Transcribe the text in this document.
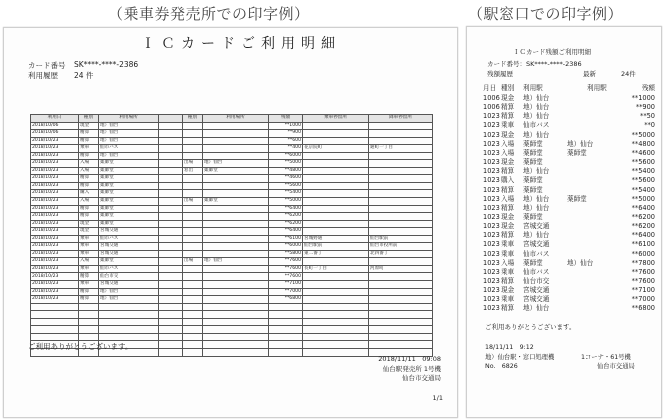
（乗車券発売所での印字例）	（駅窓口での印字例）
ＩＣカードご利用明細
カード番号 SK****-****-2386
利用履歴 24 件
利用日	種別	利用場所		種別	利用場所	残額	乗車停留所	降車停留所
2018/10/06	現金	地）仙台				**1000		
2018/10/06	精算	地）仙台				**900		
2018/10/23	精算	地）仙台				**600		
2018/10/23	乗車	仙市バス				**400	花京院町	通町一丁目
2018/10/23	精算	地）仙台				**6000		
2018/10/23	入場	薬師堂		出場	地）仙台	**5000		
2018/10/23	入場	薬師堂		窓出	薬師堂	**4800		
2018/10/23	精算	薬師堂				**4600		
2018/10/23	精算	薬師堂				**5600		
2018/10/23	購入	薬師堂				**5400		
2018/10/23	入場	薬師堂		出場	薬師堂	**5000		
2018/10/23	精算	薬師堂				**6400		
2018/10/23	精算	薬師堂				**6200		
2018/10/23	現金	薬師堂				**6200		
2018/10/23	現金	宮城交通				**6400		
2018/10/23	乗車	仙市バス				**6100	宮城野通	仙台駅前
2018/10/23	乗車	宮城交通				**6000	仙台駅前	仙台市役所前
2018/10/23	乗車	宮城交通				**5800	東二番丁	北四番丁
2018/10/23	入場	薬師堂		出場	地）仙台	**7600		
2018/10/23	乗車	仙市バス				**7600	長町一丁目	河原町
2018/10/23	精算	仙台市交				**7600		
2018/10/23	乗車	宮城交通				**7100		
2018/10/23	精算	地）仙台				**7000		
2018/10/23	精算	地）仙台				**6800		

ご利用ありがとうございます。
2018/11/11　09:08
仙台駅発売所 1号機
仙台市交通局
1/1
ＩＣカード残額ご利用明細
カード番号：SK****-****-2386
残額履歴	最新	24件
月日 種別 利用駅	利用駅	残額
1006 現金 地）仙台	**1000
1006 精算 地）仙台	**900
1023 精算 地）仙台	**50
1023 乗車 仙市バス	**0
1023 現金 地）仙台	**5000
1023 入場 薬師堂	地）仙台	**4800
1023 入場 薬師堂	薬師堂	**4600
1023 現金 薬師堂	**5600
1023 精算 地）仙台	**5400
1023 購入 薬師堂	**5600
1023 精算 薬師堂	**5400
1023 入場 地）仙台	薬師堂	**5000
1023 精算 地）仙台	**6400
1023 現金 薬師堂	**6200
1023 現金 宮城交通	**6200
1023 精算 地）仙台	**6400
1023 乗車 宮城交通	**6100
1023 乗車 仙市バス	**6000
1023 入場 薬師堂	地）仙台	**7800
1023 乗車 仙市バス	**7600
1023 精算 仙台市交	**7600
1023 現金 宮城交通	**7100
1023 乗車 宮城交通	**7000
1023 精算 地）仙台	**6800
ご利用ありがとうございます。
18/11/11　9:12
地）仙台駅・窓口処理機	1コーナ・61号機
No.　6826	仙台市交通局
